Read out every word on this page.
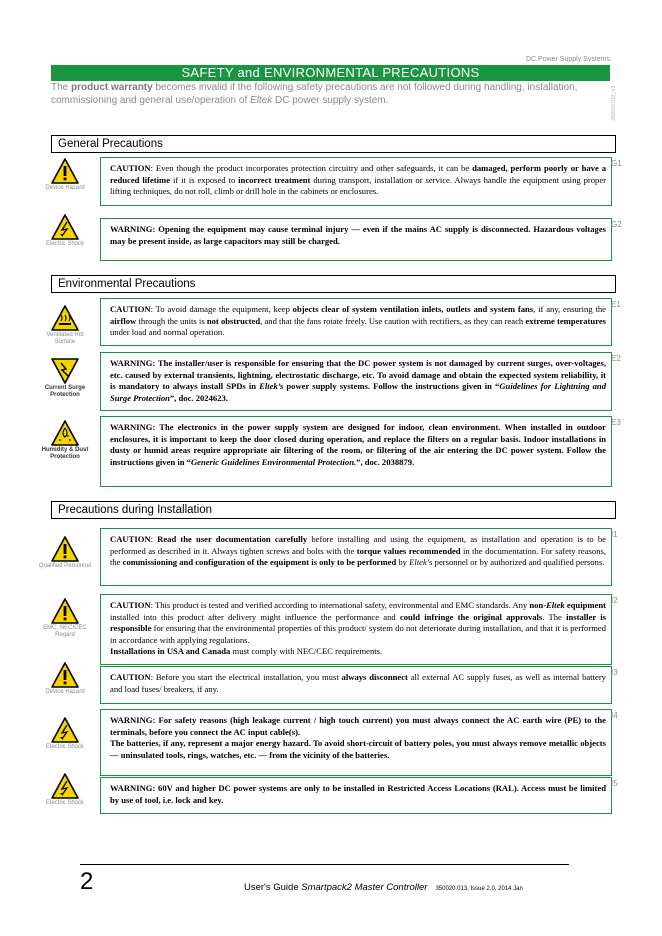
DC Power Supply Systems
350020.013_V3
SAFETY and ENVIRONMENTAL PRECAUTIONS
The product warranty becomes invalid if the following safety precautions are not followed during handling, installation, commissioning and general use/operation of Eltek DC power supply system.
General Precautions
Device Hazard
CAUTION: Even though the product incorporates protection circuitry and other safeguards, it can be damaged, perform poorly or have a reduced lifetime if it is exposed to incorrect treatment during transport, installation or service. Always handle the equipment using proper lifting techniques, do not roll, climb or drill hole in the cabinets or enclosures.
G1
Electric Shock
WARNING: Opening the equipment may cause terminal injury — even if the mains AC supply is disconnected. Hazardous voltages may be present inside, as large capacitors may still be charged.
G2
Environmental Precautions
Ventilated Hot Surface
CAUTION: To avoid damage the equipment, keep objects clear of system ventilation inlets, outlets and system fans, if any, ensuring the airflow through the units is not obstructed, and that the fans rotate freely. Use caution with rectifiers, as they can reach extreme temperatures under load and normal operation.
E1
Current Surge Protection
WARNING: The installer/user is responsible for ensuring that the DC power system is not damaged by current surges, over-voltages, etc. caused by external transients, lightning, electrostatic discharge, etc. To avoid damage and obtain the expected system reliability, it is mandatory to always install SPDs in Eltek’s power supply systems. Follow the instructions given in “Guidelines for Lightning and Surge Protection”, doc. 2024623.
E2
Humidity & Dust Protection
WARNING: The electronics in the power supply system are designed for indoor, clean environment. When installed in outdoor enclosures, it is important to keep the door closed during operation, and replace the filters on a regular basis. Indoor installations in dusty or humid areas require appropriate air filtering of the room, or filtering of the air entering the DC power system. Follow the instructions given in “Generic Guidelines Environmental Protection.”, doc. 2038879.
E3
Precautions during Installation
Qualified Personnel
CAUTION: Read the user documentation carefully before installing and using the equipment, as installation and operation is to be performed as described in it. Always tighten screws and bolts with the torque values recommended in the documentation. For safety reasons, the commissioning and configuration of the equipment is only to be performed by Eltek’s personnel or by authorized and qualified persons.
I1
EMC, NEC/CEC Regard
CAUTION: This product is tested and verified according to international safety, environmental and EMC standards. Any non-Eltek equipment installed into this product after delivery might influence the performance and could infringe the original approvals. The installer is responsible for ensuring that the environmental properties of this product/ system do not deteriorate during installation, and that it is performed in accordance with applying regulations.
Installations in USA and Canada must comply with NEC/CEC requirements.
I2
Device Hazard
CAUTION: Before you start the electrical installation, you must always disconnect all external AC supply fuses, as well as internal battery and load fuses/ breakers, if any.
I3
Electric Shock
WARNING: For safety reasons (high leakage current / high touch current) you must always connect the AC earth wire (PE) to the terminals, before you connect the AC input cable(s).
The batteries, if any, represent a major energy hazard. To avoid short-circuit of battery poles, you must always remove metallic objects — uninsulated tools, rings, watches, etc. — from the vicinity of the batteries.
I4
Electric Shock
WARNING: 60V and higher DC power systems are only to be installed in Restricted Access Locations (RAL). Access must be limited by use of tool, i.e. lock and key.
I5
2	User's Guide Smartpack2 Master Controller 350020.013, Issue 2.0, 2014 Jan
